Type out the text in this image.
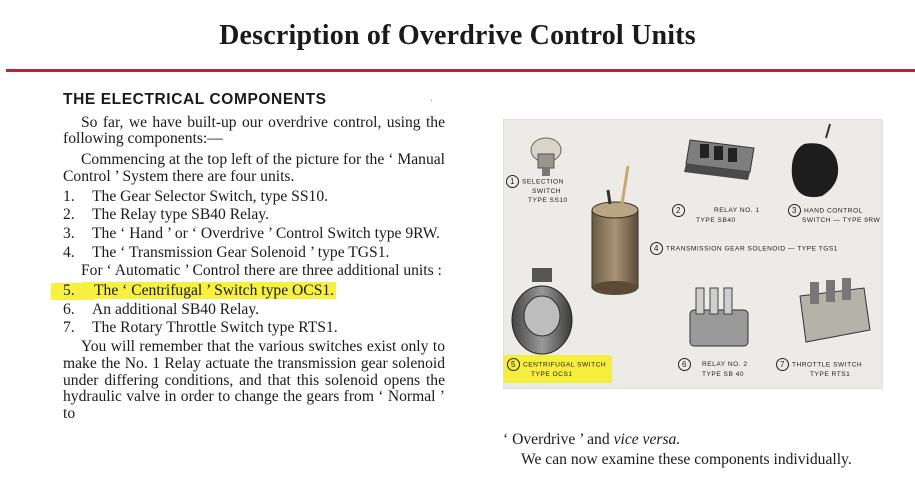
Description of Overdrive Control Units
·
THE ELECTRICAL COMPONENTS

So far, we have built-up our overdrive control, using the following components:—

Commencing at the top left of the picture for the ‘ Manual Control ’ System there are four units.

1.	The Gear Selector Switch, type SS10.
2.	The Relay type SB40 Relay.
3.	The ‘ Hand ’ or ‘ Overdrive ’ Control Switch type 9RW.
4.	The ‘ Transmission Gear Solenoid ’ type TGS1.

For ‘ Automatic ’ Control there are three additional units :

5.	The ‘ Centrifugal ’ Switch type OCS1.
6.	An additional SB40 Relay.
7.	The Rotary Throttle Switch type RTS1.

You will remember that the various switches exist only to make the No. 1 Relay actuate the transmission gear solenoid under differing conditions, and that this solenoid opens the hydraulic valve in order to change the gears from ‘ Normal ’ to

1 SELECTION
SWITCH
TYPE SS10
2	RELAY NO. 1
TYPE SB40
3 HAND CONTROL
SWITCH — TYPE 9RW
4 TRANSMISSION GEAR SOLENOID — TYPE TGS1
5 CENTRIFUGAL SWITCH
TYPE OCS1
6 RELAY NO. 2
TYPE SB 40
7 THROTTLE SWITCH
TYPE RTS1

‘ Overdrive ’ and vice versa.

We can now examine these components individually.
